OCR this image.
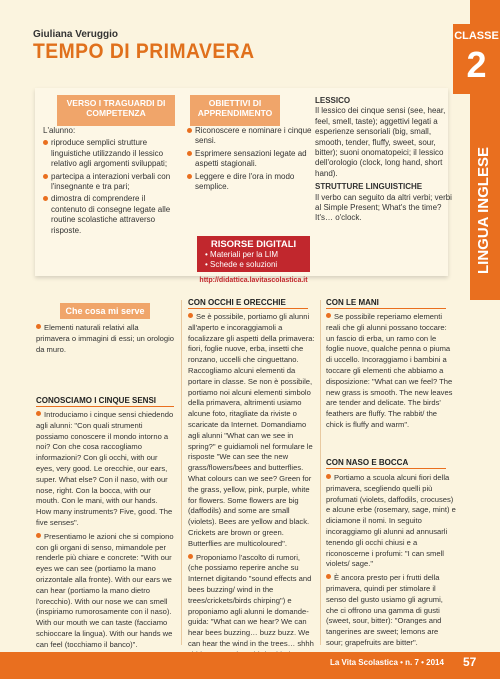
Giuliana Veruggio
TEMPO DI PRIMAVERA
CLASSE
2
LINGUA INGLESE
VERSO I TRAGUARDI DI COMPETENZA
OBIETTIVI DI APPRENDIMENTO
L'alunno:
riproduce semplici strutture linguistiche utilizzando il lessico relativo agli argomenti sviluppati;
partecipa a interazioni verbali con l'insegnante e tra pari;
dimostra di comprendere il contenuto di consegne legate alle routine scolastiche attraverso risposte.
Riconoscere e nominare i cinque sensi.
Esprimere sensazioni legate ad aspetti stagionali.
Leggere e dire l'ora in modo semplice.
LESSICO
Il lessico dei cinque sensi (see, hear, feel, smell, taste); aggettivi legati a esperienze sensoriali (big, small, smooth, tender, fluffy, sweet, sour, bitter); suoni onomatopeici; il lessico dell'orologio (clock, long hand, short hand).
STRUTTURE LINGUISTICHE
Il verbo can seguito da altri verbi; verbi al Simple Present; What's the time? It's… o'clock.
RISORSE DIGITALI
• Materiali per la LIM
• Schede e soluzioni
http://didattica.lavitascolastica.it
Che cosa mi serve

Elementi naturali relativi alla primavera o immagini di essi; un orologio da muro.

CONOSCIAMO I CINQUE SENSI

Introduciamo i cinque sensi chiedendo agli alunni: "Con quali strumenti possiamo conoscere il mondo intorno a noi? Con che cosa raccogliamo informazioni? Con gli occhi, with our eyes, very good. Le orecchie, our ears, super. What else? Con il naso, with our nose, right. Con la bocca, with our mouth. Con le mani, with our hands. How many instruments? Five, good. The five senses".

Presentiamo le azioni che si compiono con gli organi di senso, mimandole per renderle più chiare e concrete: "With our eyes we can see (portiamo la mano orizzontale alla fronte). With our ears we can hear (portiamo la mano dietro l'orecchio). With our nose we can smell (inspiriamo rumorosamente con il naso). With our mouth we can taste (facciamo schioccare la lingua). With our hands we can feel (tocchiamo il banco)".

CON OCCHI E ORECCHIE

Se è possibile, portiamo gli alunni all'aperto e incoraggiamoli a focalizzare gli aspetti della primavera: fiori, foglie nuove, erba, insetti che ronzano, uccelli che cinguettano. Raccogliamo alcuni elementi da portare in classe. Se non è possibile, portiamo noi alcuni elementi simbolo della primavera, altrimenti usiamo alcune foto, ritagliate da riviste o scaricate da Internet. Domandiamo agli alunni "What can we see in spring?" e guidiamoli nel formulare le risposte "We can see the new grass/flowers/bees and butterflies. What colours can we see? Green for the grass, yellow, pink, purple, white for flowers. Some flowers are big (daffodils) and some are small (violets). Bees are yellow and black. Crickets are brown or green. Butterflies are multicoloured".

Proponiamo l'ascolto di rumori, (che possiamo reperire anche su Internet digitando "sound effects and bees buzzing/ wind in the trees/crickets/birds chirping") e proponiamo agli alunni le domande-guida: "What can we hear? We can hear bees buzzing… buzz buzz. We can hear the wind in the trees… shhh

CON LE MANI

Se possibile reperiamo elementi reali che gli alunni possano toccare: un fascio di erba, un ramo con le foglie nuove, qualche penna o piuma di uccello. Incoraggiamo i bambini a toccare gli elementi che abbiamo a disposizione: "What can we feel? The new grass is smooth. The new leaves are tender and delicate. The birds' feathers are fluffy. The rabbit/ the chick is fluffy and warm".

CON NASO E BOCCA

Portiamo a scuola alcuni fiori della primavera, scegliendo quelli più profumati (violets, daffodils, crocuses) e alcune erbe (rosemary, sage, mint) e diciamone il nomi. In seguito incoraggiamo gli alunni ad annusarli tenendo gli occhi chiusi e a riconoscerne i profumi: "I can smell violets/ sage."

È ancora presto per i frutti della primavera, quindi per stimolare il senso del gusto usiamo gli agrumi, che ci offrono una gamma di gusti (sweet, sour, bitter): "Oranges and tangerines are sweet; lemons are sour; grapefruits are bitter".

La Vita Scolastica • n. 7 • 2014 57
